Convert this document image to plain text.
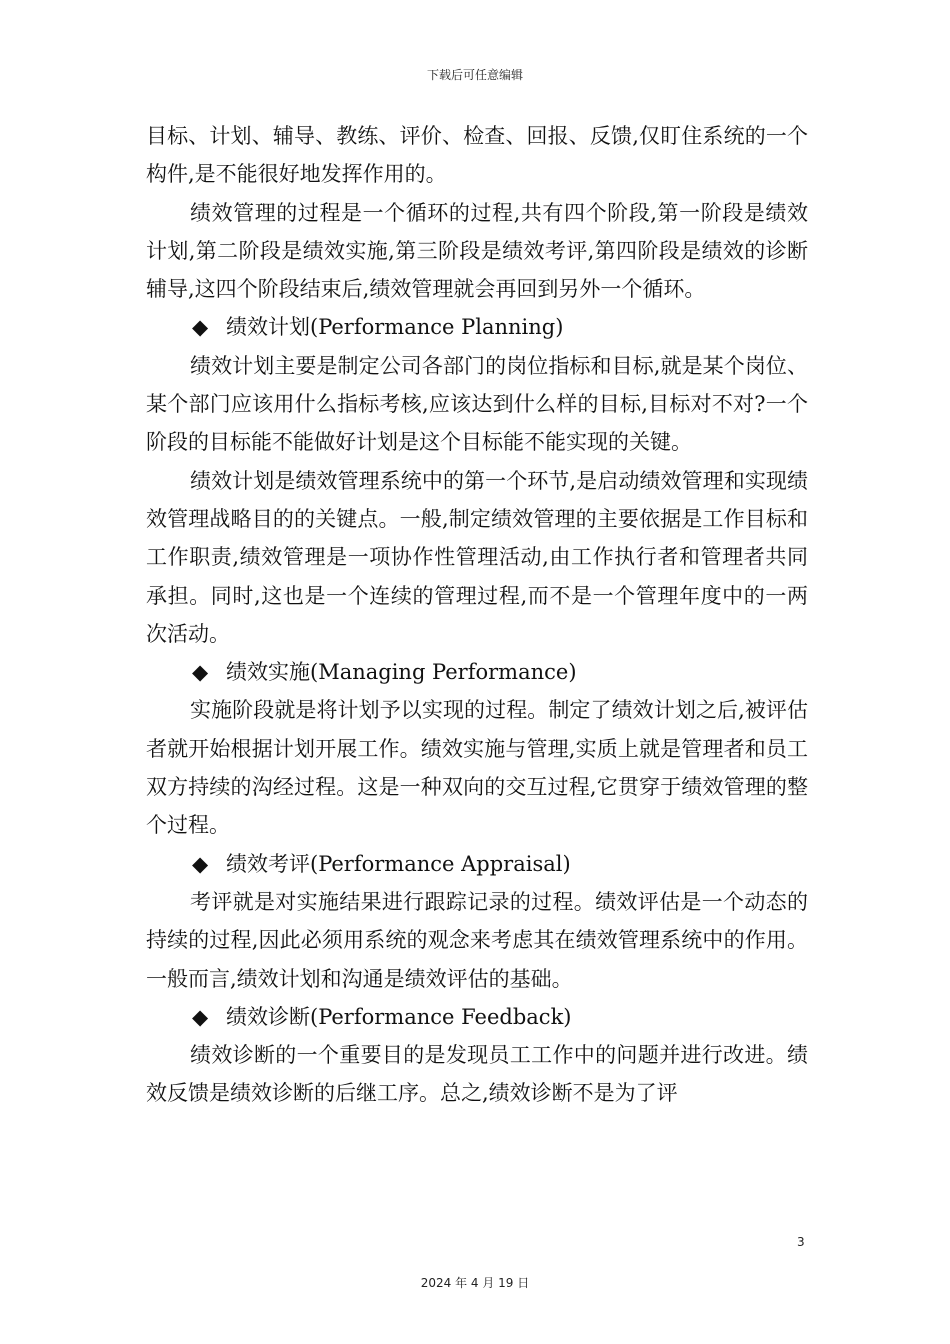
下载后可任意编辑

目标、计划、辅导、教练、评价、检查、回报、反馈,仅盯住系统的一个构件,是不能很好地发挥作用的。

绩效管理的过程是一个循环的过程,共有四个阶段,第一阶段是绩效计划,第二阶段是绩效实施,第三阶段是绩效考评,第四阶段是绩效的诊断辅导,这四个阶段结束后,绩效管理就会再回到另外一个循环。

◆ 绩效计划(Performance Planning)

绩效计划主要是制定公司各部门的岗位指标和目标,就是某个岗位、某个部门应该用什么指标考核,应该达到什么样的目标,目标对不对?一个阶段的目标能不能做好计划是这个目标能不能实现的关键。

绩效计划是绩效管理系统中的第一个环节,是启动绩效管理和实现绩效管理战略目的的关键点。一般,制定绩效管理的主要依据是工作目标和工作职责,绩效管理是一项协作性管理活动,由工作执行者和管理者共同承担。同时,这也是一个连续的管理过程,而不是一个管理年度中的一两次活动。

◆ 绩效实施(Managing Performance)

实施阶段就是将计划予以实现的过程。制定了绩效计划之后,被评估者就开始根据计划开展工作。绩效实施与管理,实质上就是管理者和员工双方持续的沟经过程。这是一种双向的交互过程,它贯穿于绩效管理的整个过程。

◆ 绩效考评(Performance Appraisal)

考评就是对实施结果进行跟踪记录的过程。绩效评估是一个动态的持续的过程,因此必须用系统的观念来考虑其在绩效管理系统中的作用。一般而言,绩效计划和沟通是绩效评估的基础。

◆ 绩效诊断(Performance Feedback)

绩效诊断的一个重要目的是发现员工工作中的问题并进行改进。绩效反馈是绩效诊断的后继工序。总之,绩效诊断不是为了评

3
2024 年 4 月 19 日
